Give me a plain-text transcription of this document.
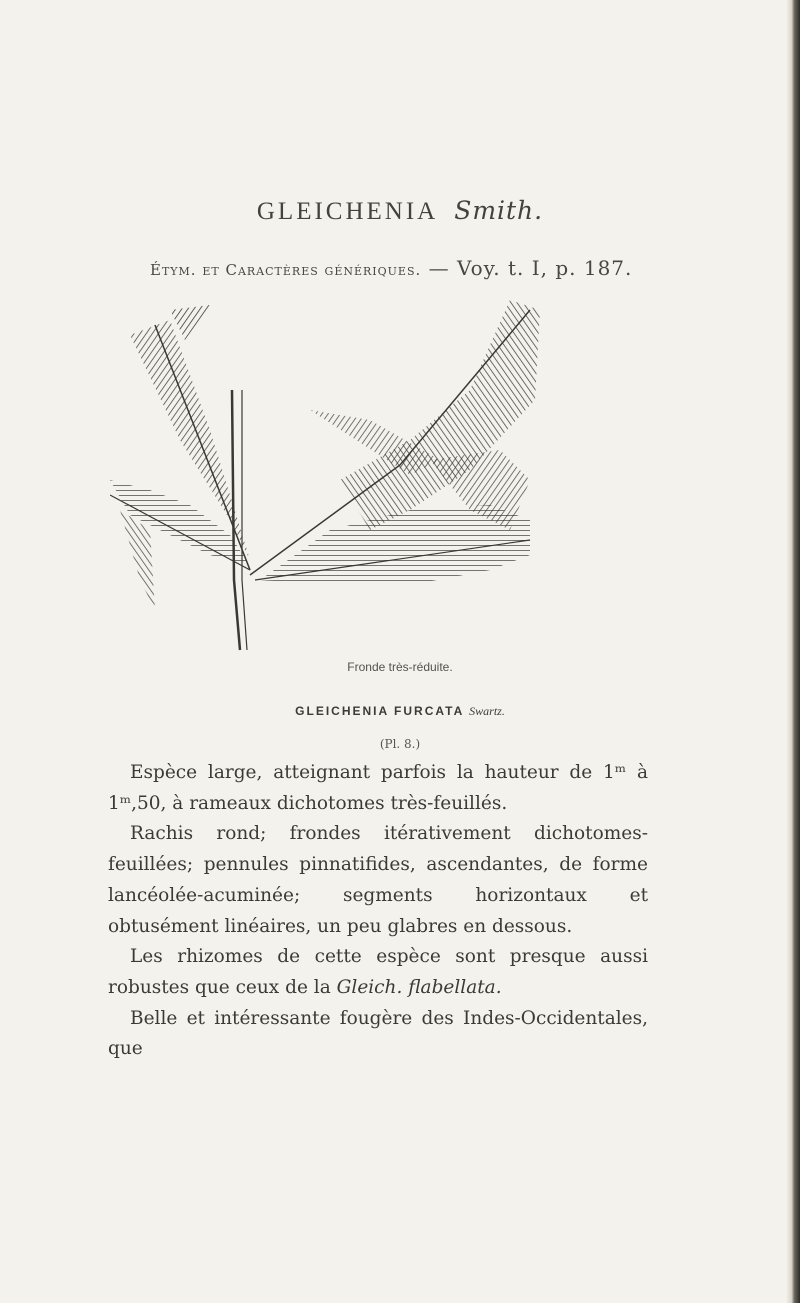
GLEICHENIA Smith.
Étym. et Caractères génériques. — Voy. t. I, p. 187.
Fronde très-réduite.
GLEICHENIA FURCATA Swartz.
(Pl. 8.)

Espèce large, atteignant parfois la hauteur de 1ᵐ à 1ᵐ,50, à rameaux dichotomes très-feuillés.

Rachis rond; frondes itérativement dichotomes-feuillées; pennules pinnatifides, ascendantes, de forme lancéolée-acuminée; segments horizontaux et obtusément linéaires, un peu glabres en dessous.

Les rhizomes de cette espèce sont presque aussi robustes que ceux de la Gleich. flabellata.

Belle et intéressante fougère des Indes-Occidentales, que
